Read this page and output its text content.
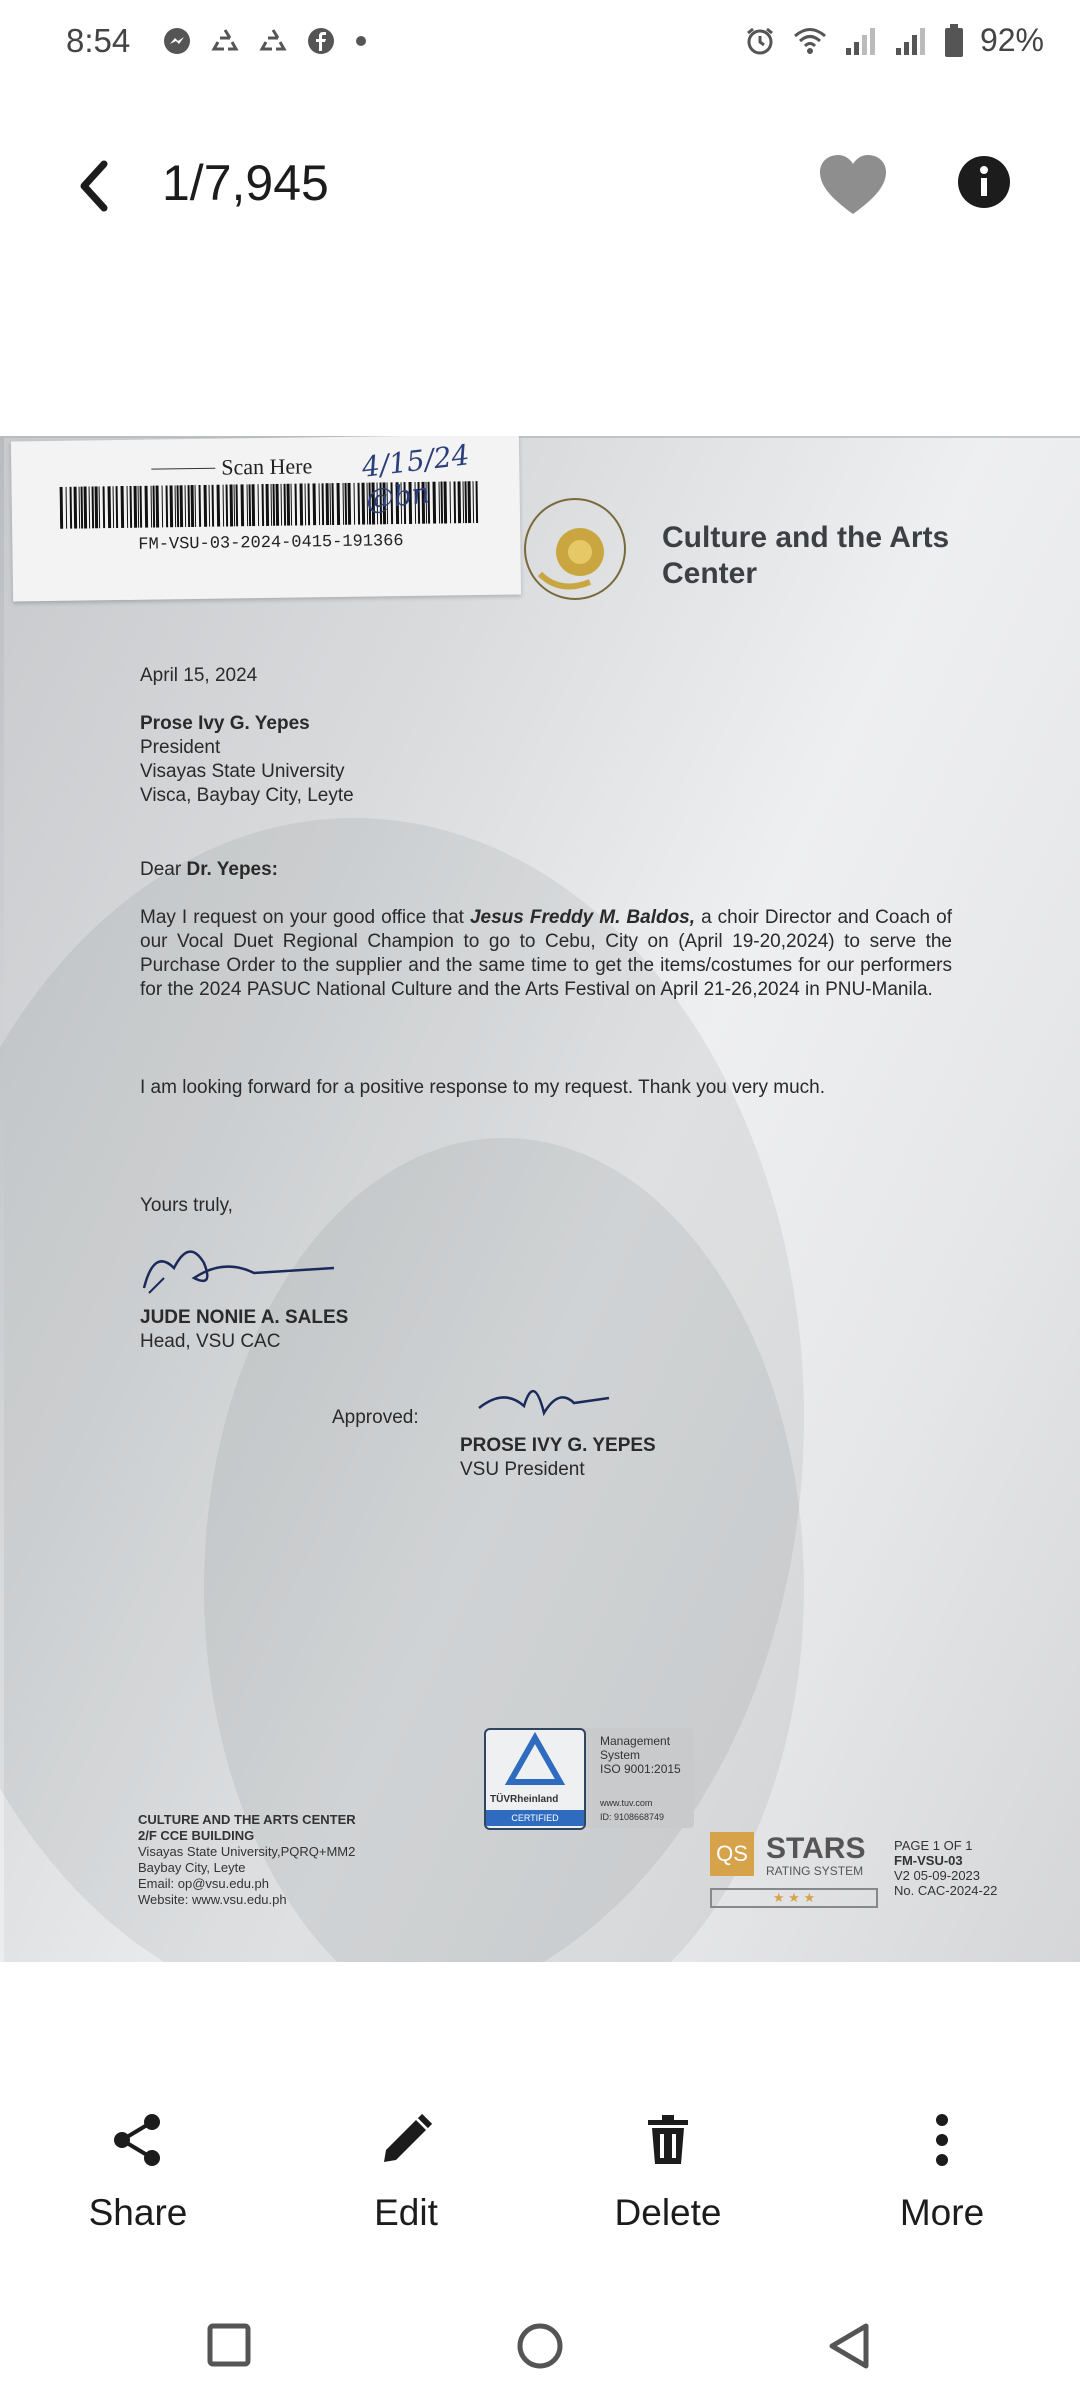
8:54	92%
1/7,945
Scan Here
FM-VSU-03-2024-0415-191366
4/15/24 @bn
Culture and the Arts Center
April 15, 2024
Prose Ivy G. Yepes
President
Visayas State University
Visca, Baybay City, Leyte
Dear Dr. Yepes:
May I request on your good office that Jesus Freddy M. Baldos, a choir Director and Coach of our Vocal Duet Regional Champion to go to Cebu, City on (April 19-20,2024) to serve the Purchase Order to the supplier and the same time to get the items/costumes for our performers for the 2024 PASUC National Culture and the Arts Festival on April 21-26,2024 in PNU-Manila.
I am looking forward for a positive response to my request. Thank you very much.
Yours truly,
JUDE NONIE A. SALES
Head, VSU CAC
Approved:
PROSE IVY G. YEPES
VSU President
TÜVRheinland
CERTIFIED
Management System
ISO 9001:2015
www.tuv.com
ID: 9108668749
CULTURE AND THE ARTS CENTER
2/F CCE BUILDING
Visayas State University,PQRQ+MM2
Baybay City, Leyte
Email: op@vsu.edu.ph
Website: www.vsu.edu.ph
QS STARS
RATING SYSTEM
★ ★ ★
PAGE 1 OF 1
FM-VSU-03
V2 05-09-2023
No. CAC-2024-22
Share	Edit	Delete	More
